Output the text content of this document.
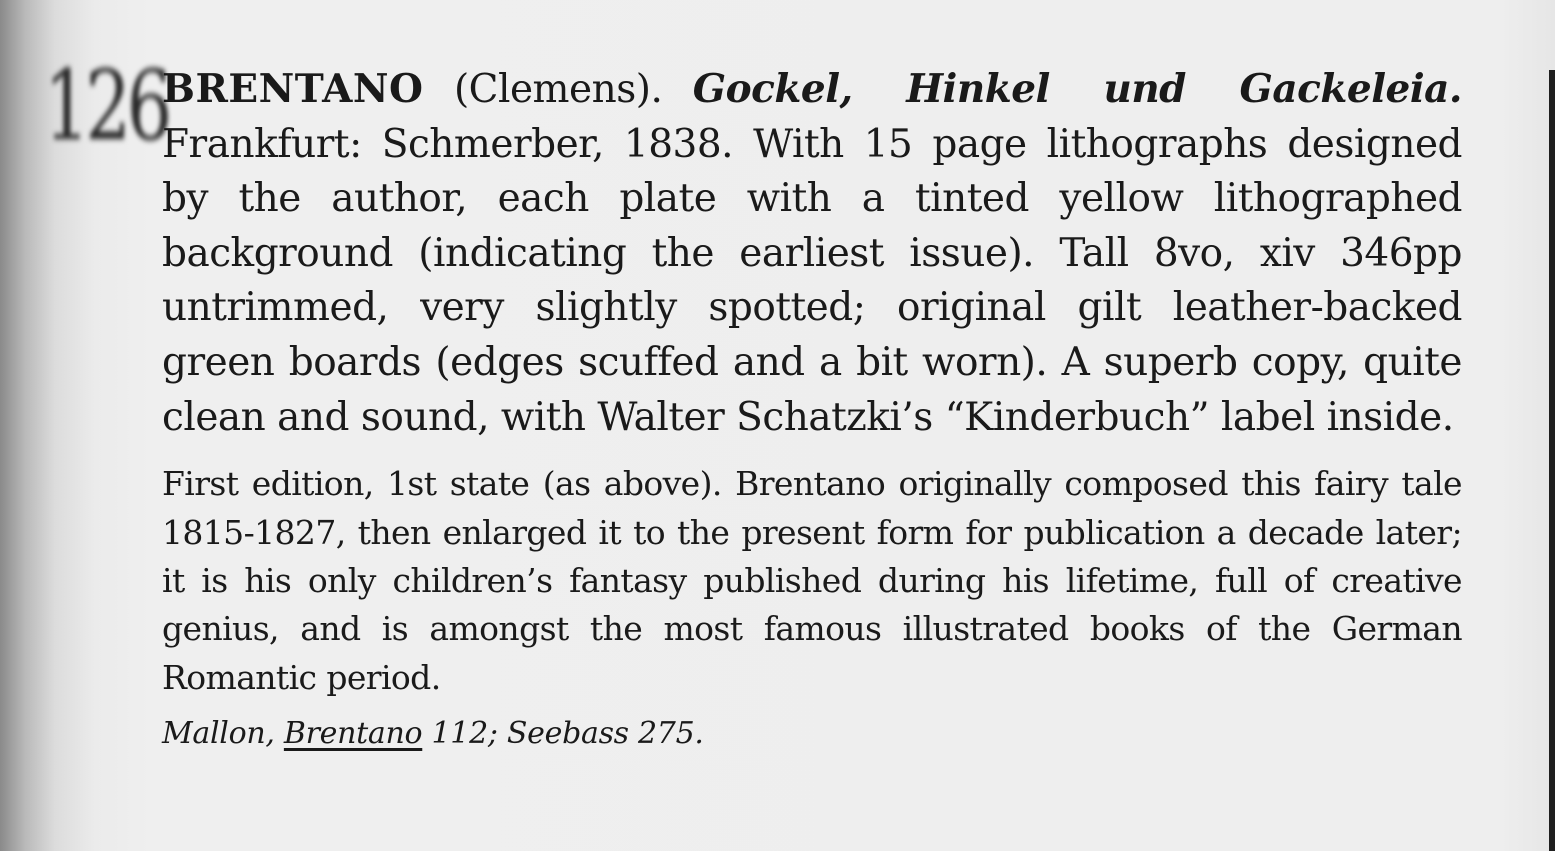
126

BRENTANO (Clemens). Gockel, Hinkel und Gackeleia. Frankfurt: Schmerber, 1838. With 15 page lithographs designed by the author, each plate with a tinted yellow lithographed background (indicating the earliest issue). Tall 8vo, xiv 346pp untrimmed, very slightly spotted; original gilt leather-backed green boards (edges scuffed and a bit worn). A superb copy, quite clean and sound, with Walter Schatzki’s “Kinderbuch” label inside.

First edition, 1st state (as above). Brentano originally composed this fairy tale 1815-1827, then enlarged it to the present form for publication a decade later; it is his only children’s fantasy published during his lifetime, full of creative genius, and is amongst the most famous illustrated books of the German Romantic period.

Mallon, Brentano 112; Seebass 275.
